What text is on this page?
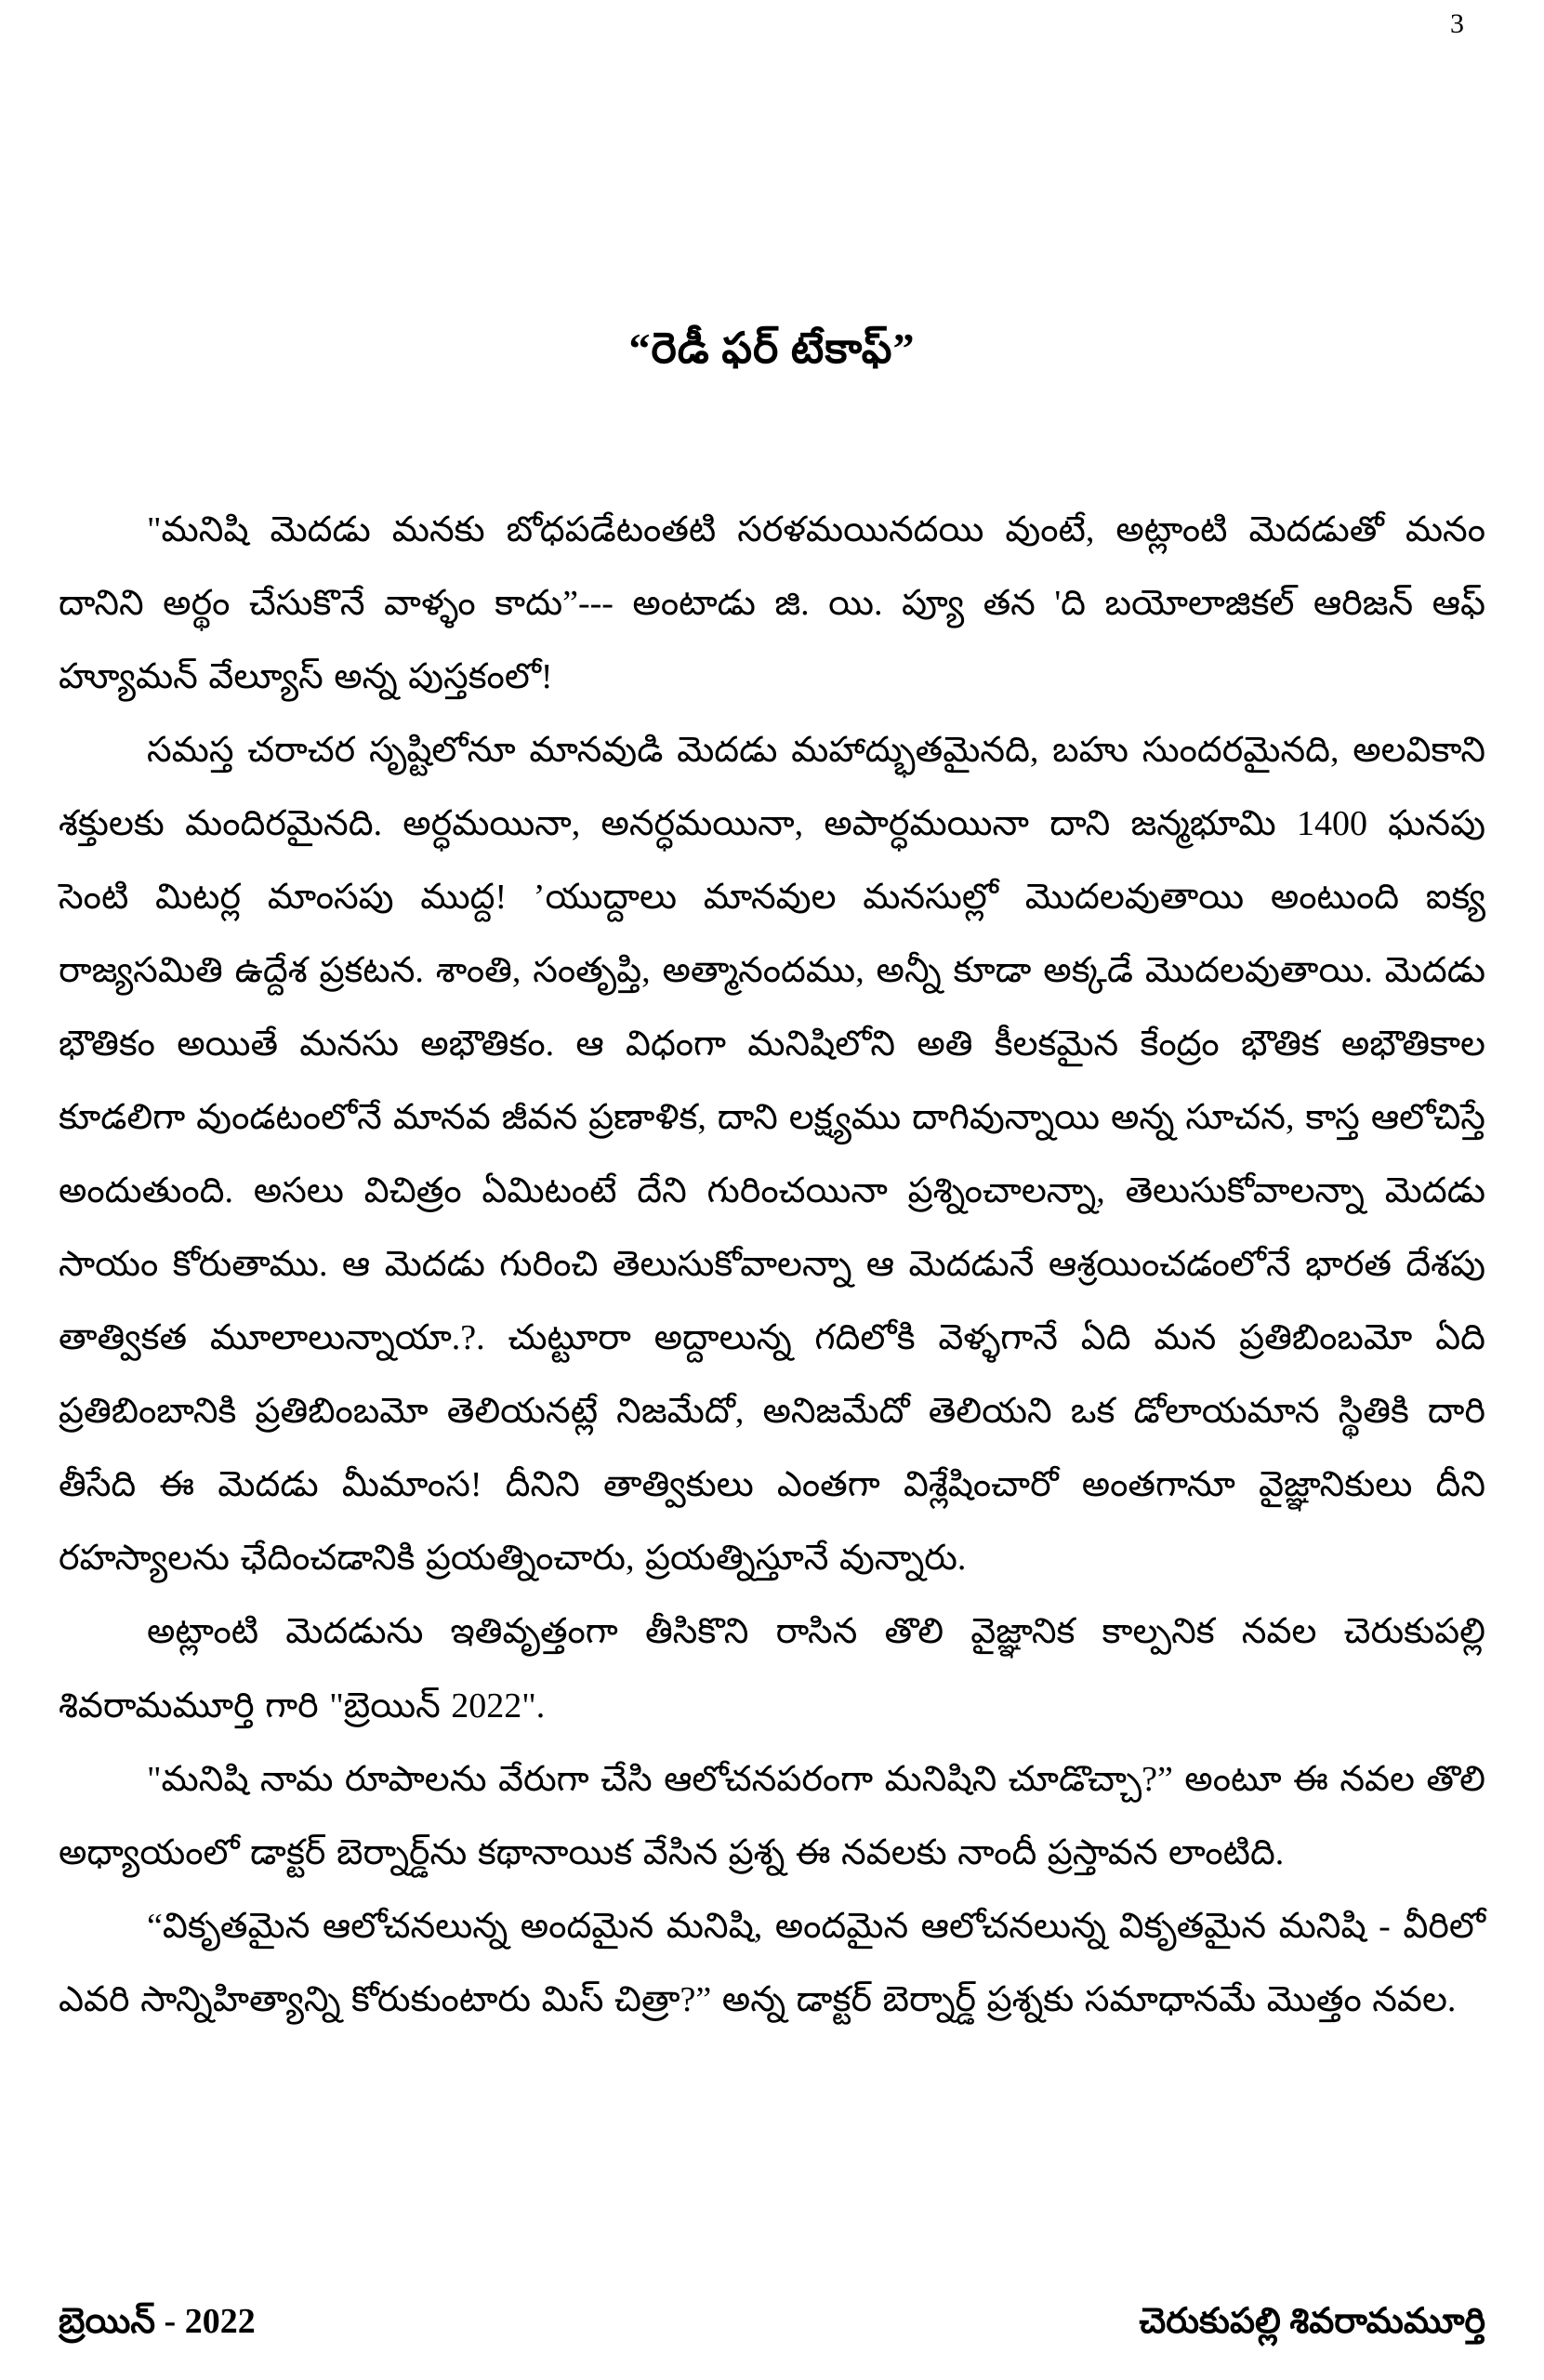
3
“రెడీ ఫర్ టేకాఫ్”

"మనిషి మెదడు మనకు బోధపడేటంతటి సరళమయినదయి వుంటే, అట్లాంటి మెదడుతో మనం దానిని అర్థం చేసుకొనే వాళ్ళం కాదు”--- అంటాడు జి. యి. ప్యూ తన 'ది బయోలాజికల్ ఆరిజన్ ఆఫ్ హ్యూమన్ వేల్యూస్ అన్న పుస్తకంలో!

సమస్త చరాచర సృష్టిలోనూ మానవుడి మెదడు మహాద్భుతమైనది, బహు సుందరమైనది, అలవికాని శక్తులకు మందిరమైనది. అర్ధమయినా, అనర్ధమయినా, అపార్ధమయినా దాని జన్మభూమి 1400 ఘనపు సెంటి మిటర్ల మాంసపు ముద్ద! ’యుద్దాలు మానవుల మనసుల్లో మొదలవుతాయి అంటుంది ఐక్య రాజ్యసమితి ఉద్దేశ ప్రకటన. శాంతి, సంతృప్తి, అత్మానందము, అన్నీ కూడా అక్కడే మొదలవుతాయి. మెదడు భౌతికం అయితే మనసు అభౌతికం. ఆ విధంగా మనిషిలోని అతి కీలకమైన కేంద్రం భౌతిక అభౌతికాల కూడలిగా వుండటంలోనే మానవ జీవన ప్రణాళిక, దాని లక్ష్యము దాగివున్నాయి అన్న సూచన, కాస్త ఆలోచిస్తే అందుతుంది. అసలు విచిత్రం ఏమిటంటే దేని గురించయినా ప్రశ్నించాలన్నా, తెలుసుకోవాలన్నా మెదడు సాయం కోరుతాము. ఆ మెదడు గురించి తెలుసుకోవాలన్నా ఆ మెదడునే ఆశ్రయించడంలోనే భారత దేశపు తాత్వికత మూలాలున్నాయా.?. చుట్టూరా అద్దాలున్న గదిలోకి వెళ్ళగానే ఏది మన ప్రతిబింబమో ఏది ప్రతిబింబానికి ప్రతిబింబమో తెలియనట్లే నిజమేదో, అనిజమేదో తెలియని ఒక డోలాయమాన స్థితికి దారి తీసేది ఈ మెదడు మీమాంస! దీనిని తాత్వికులు ఎంతగా విశ్లేషించారో అంతగానూ వైజ్ఞానికులు దీని రహస్యాలను ఛేదించడానికి ప్రయత్నించారు, ప్రయత్నిస్తూనే వున్నారు.

అట్లాంటి మెదడును ఇతివృత్తంగా తీసికొని రాసిన తొలి వైజ్ఞానిక కాల్పనిక నవల చెరుకుపల్లి శివరామమూర్తి గారి "బ్రెయిన్ 2022".

"మనిషి నామ రూపాలను వేరుగా చేసి ఆలోచనపరంగా మనిషిని చూడొచ్చా?” అంటూ ఈ నవల తొలి అధ్యాయంలో డాక్టర్ బెర్నార్డ్‌ను కథానాయిక వేసిన ప్రశ్న ఈ నవలకు నాందీ ప్రస్తావన లాంటిది.

“వికృతమైన ఆలోచనలున్న అందమైన మనిషి, అందమైన ఆలోచనలున్న వికృతమైన మనిషి - వీరిలో ఎవరి సాన్నిహిత్యాన్ని కోరుకుంటారు మిస్ చిత్రా?” అన్న డాక్టర్ బెర్నార్డ్ ప్రశ్నకు సమాధానమే మొత్తం నవల.

బ్రెయిన్ - 2022	చెరుకుపల్లి శివరామమూర్తి
